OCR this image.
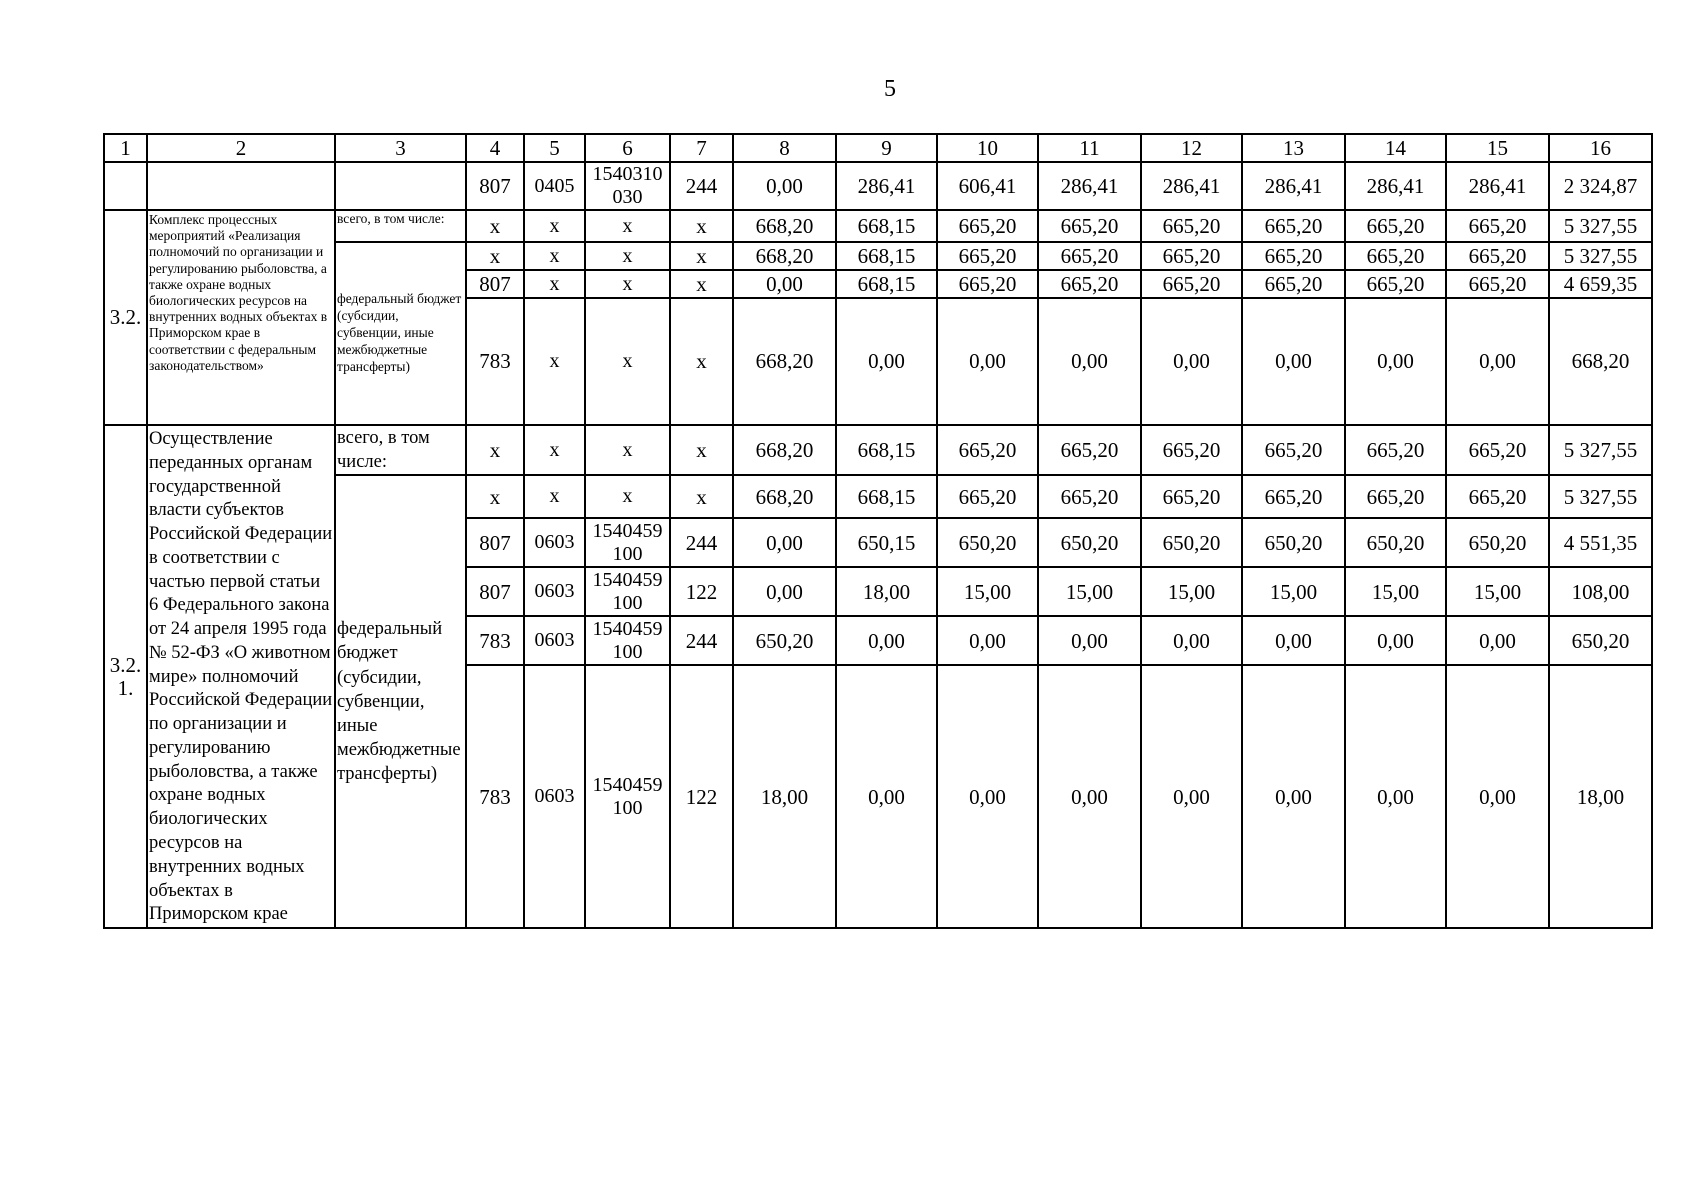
5
1	2	3	4	5	6	7	8	9	10	11	12	13	14	15	16
			807	0405	1540310 030	244	0,00	286,41	606,41	286,41	286,41	286,41	286,41	286,41	2 324,87
3.2.	Комплекс процессных мероприятий «Реализация полномочий по организации и регулированию рыболовства, а также охране водных биологических ресурсов на внутренних водных объектах в Приморском крае в соответствии с федеральным законодательством»	всего, в том числе:	x	x	x	x	668,20	668,15	665,20	665,20	665,20	665,20	665,20	665,20	5 327,55
		федеральный бюджет (субсидии, субвенции, иные межбюджетные трансферты)	x	x	x	x	668,20	668,15	665,20	665,20	665,20	665,20	665,20	665,20	5 327,55
			807	x	x	x	0,00	668,15	665,20	665,20	665,20	665,20	665,20	665,20	4 659,35
			783	x	x	x	668,20	0,00	0,00	0,00	0,00	0,00	0,00	0,00	668,20
3.2. 1.	Осуществление переданных органам государственной власти субъектов Российской Федерации в соответствии с частью первой статьи 6 Федерального закона от 24 апреля 1995 года № 52-ФЗ «О животном мире» полномочий Российской Федерации по организации и регулированию рыболовства, а также охране водных биологических ресурсов на внутренних водных объектах в Приморском крае	всего, в том числе:	x	x	x	x	668,20	668,15	665,20	665,20	665,20	665,20	665,20	665,20	5 327,55
		федеральный бюджет (субсидии, субвенции, иные межбюджетные трансферты)	x	x	x	x	668,20	668,15	665,20	665,20	665,20	665,20	665,20	665,20	5 327,55
			807	0603	1540459 100	244	0,00	650,15	650,20	650,20	650,20	650,20	650,20	650,20	4 551,35
			807	0603	1540459 100	122	0,00	18,00	15,00	15,00	15,00	15,00	15,00	15,00	108,00
			783	0603	1540459 100	244	650,20	0,00	0,00	0,00	0,00	0,00	0,00	0,00	650,20
			783	0603	1540459 100	122	18,00	0,00	0,00	0,00	0,00	0,00	0,00	0,00	18,00
